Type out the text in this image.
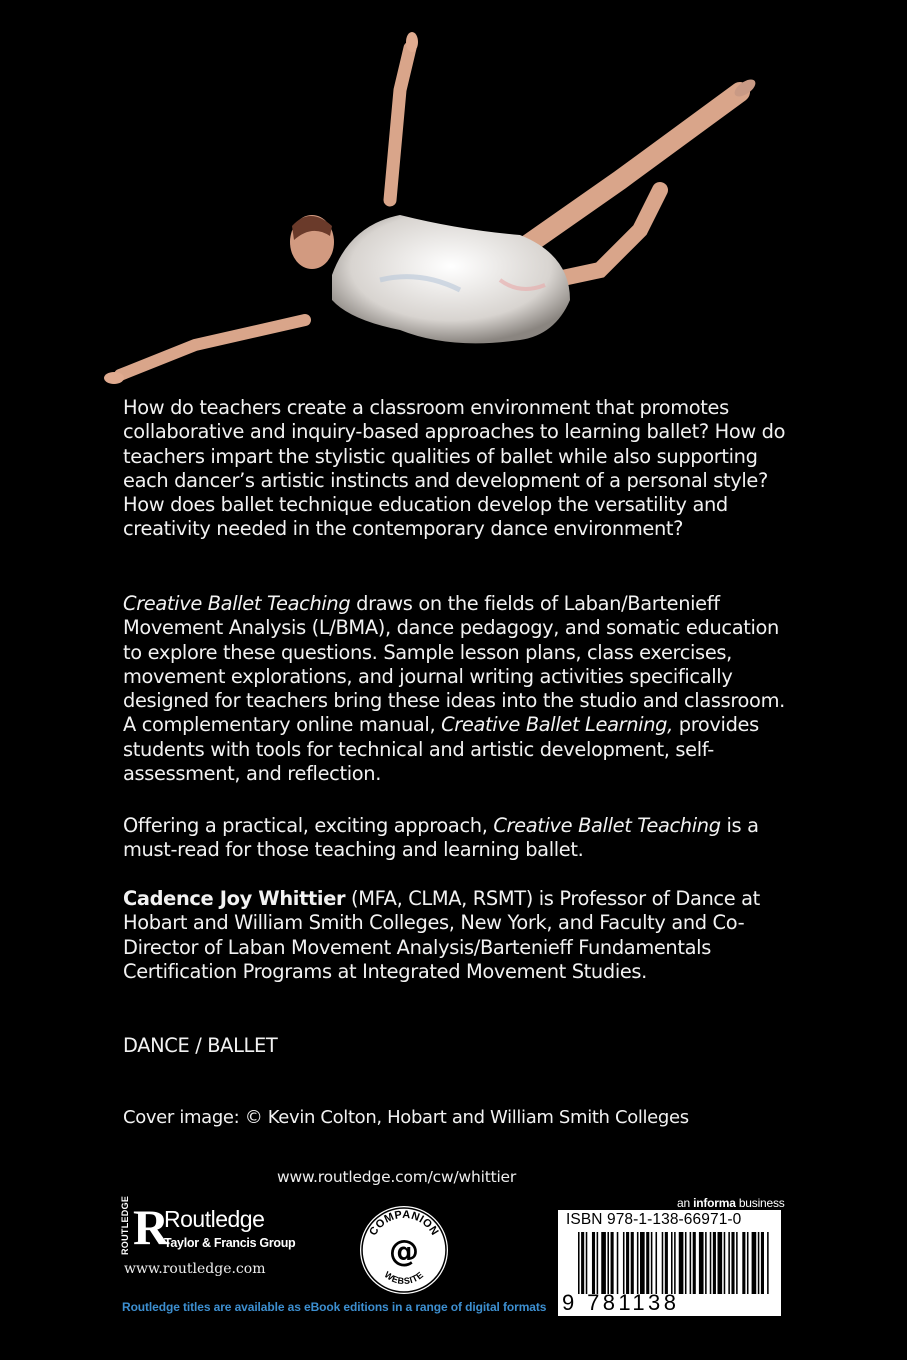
How do teachers create a classroom environment that promotes collaborative and inquiry-based approaches to learning ballet? How do teachers impart the stylistic qualities of ballet while also supporting each dancer’s artistic instincts and development of a personal style? How does ballet technique education develop the versatility and creativity needed in the contemporary dance environment?

Creative Ballet Teaching draws on the fields of Laban/Bartenieff Movement Analysis (L/BMA), dance pedagogy, and somatic education to explore these questions. Sample lesson plans, class exercises, movement explorations, and journal writing activities specifically designed for teachers bring these ideas into the studio and classroom. A complementary online manual, Creative Ballet Learning, provides students with tools for technical and artistic development, self-assessment, and reflection.

Offering a practical, exciting approach, Creative Ballet Teaching is a must-read for those teaching and learning ballet.

Cadence Joy Whittier (MFA, CLMA, RSMT) is Professor of Dance at Hobart and William Smith Colleges, New York, and Faculty and Co-Director of Laban Movement Analysis/Bartenieff Fundamentals Certification Programs at Integrated Movement Studies.

DANCE / BALLET
Cover image: © Kevin Colton, Hobart and William Smith Colleges
www.routledge.com/cw/whittier
ROUTLEDGE R
Routledge
Taylor & Francis Group
www.routledge.com
COMPANION
WEBSITE
@
Routledge titles are available as eBook editions in a range of digital formats
an informa business
ISBN 978-1-138-66971-0
9 781138 669710
